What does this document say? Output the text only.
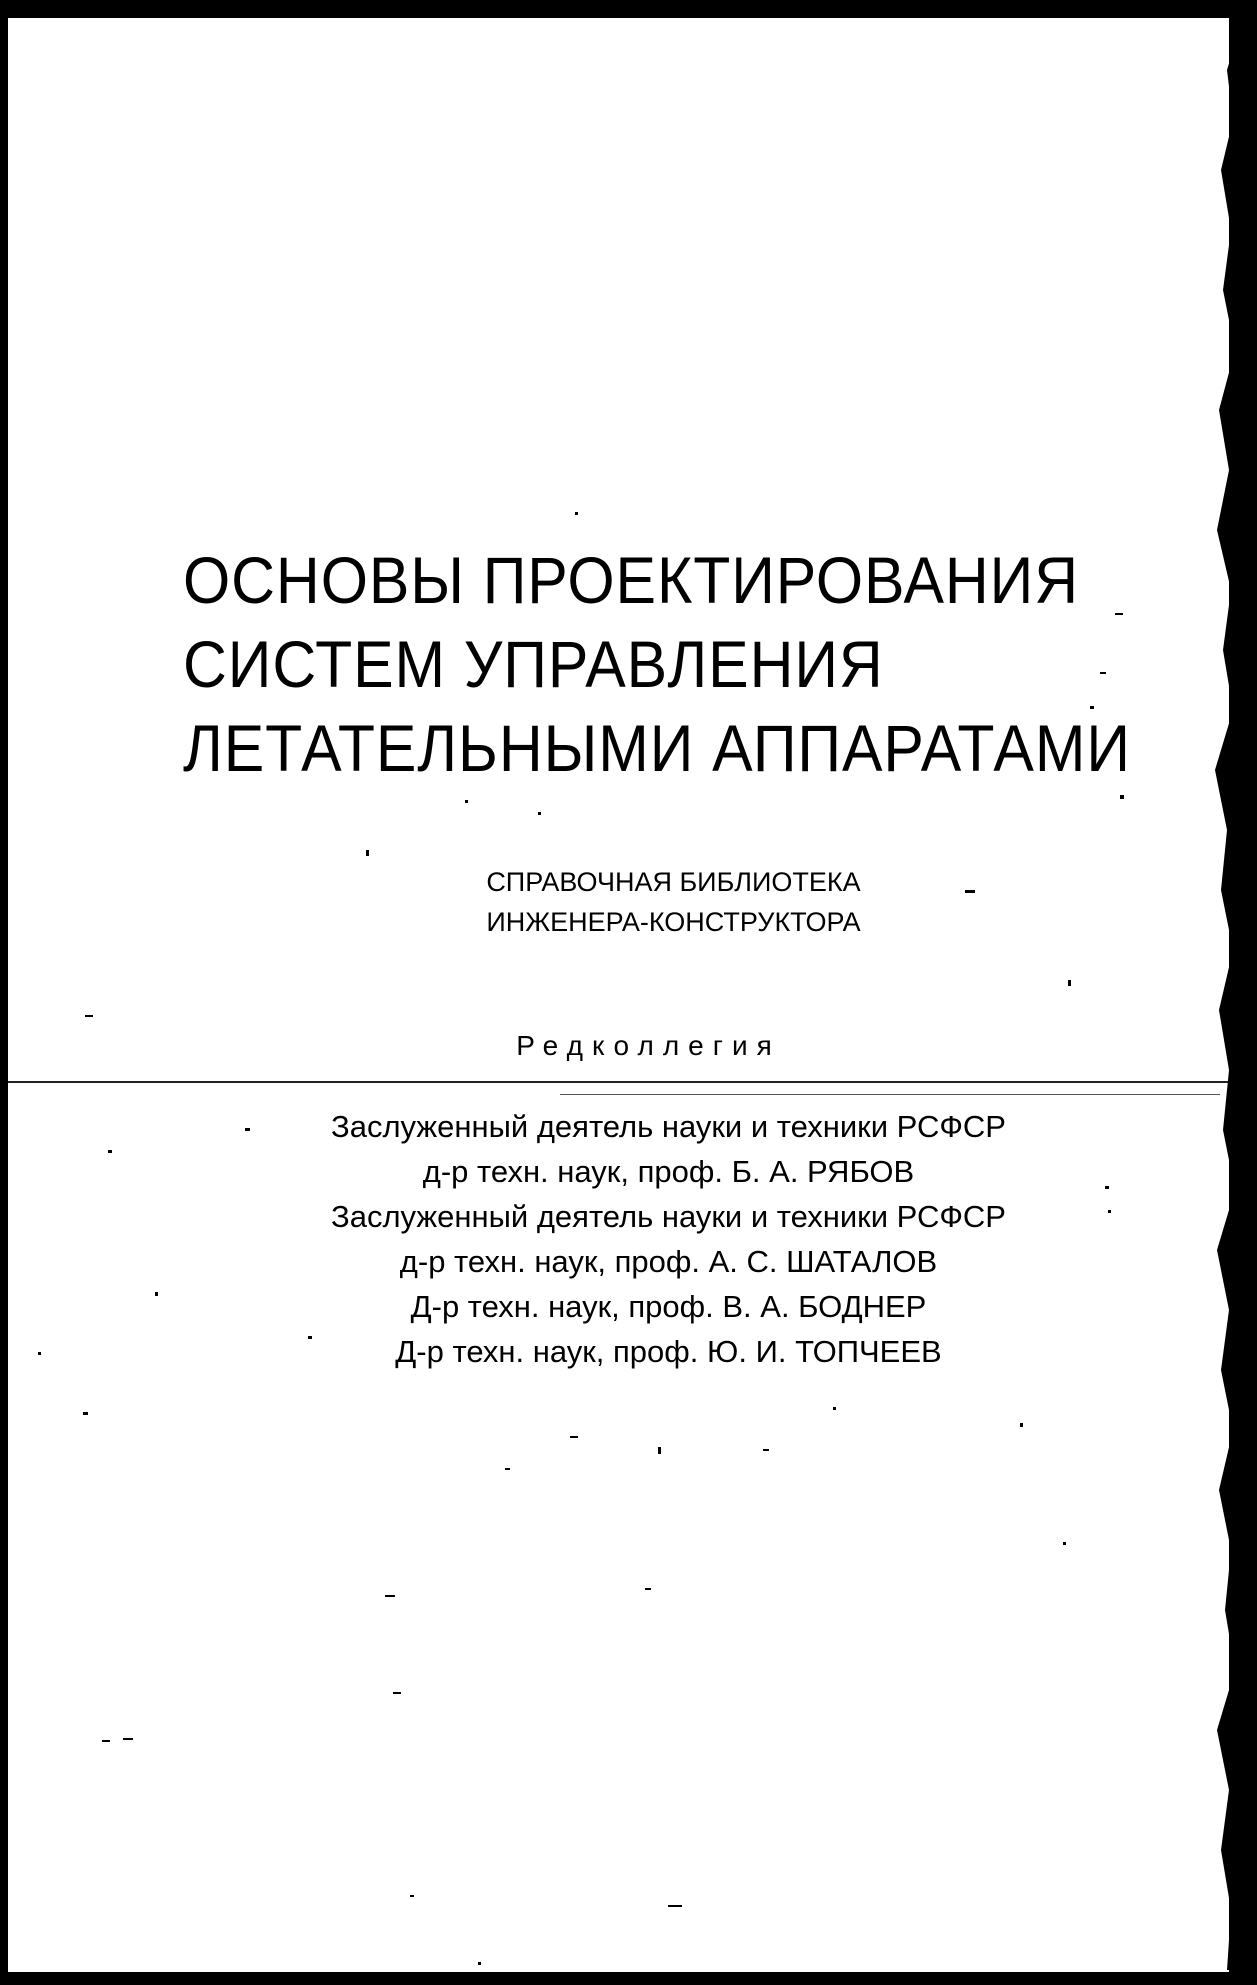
ОСНОВЫ ПРОЕКТИРОВАНИЯ
СИСТЕМ УПРАВЛЕНИЯ
ЛЕТАТЕЛЬНЫМИ АППАРАТАМИ
СПРАВОЧНАЯ БИБЛИОТЕКА
ИНЖЕНЕРА-КОНСТРУКТОРА
Редколлегия
Заслуженный деятель науки и техники РСФСР
д-р техн. наук, проф. Б. А. РЯБОВ
Заслуженный деятель науки и техники РСФСР
д-р техн. наук, проф. А. С. ШАТАЛОВ
Д-р техн. наук, проф. В. А. БОДНЕР
Д-р техн. наук, проф. Ю. И. ТОПЧЕЕВ
